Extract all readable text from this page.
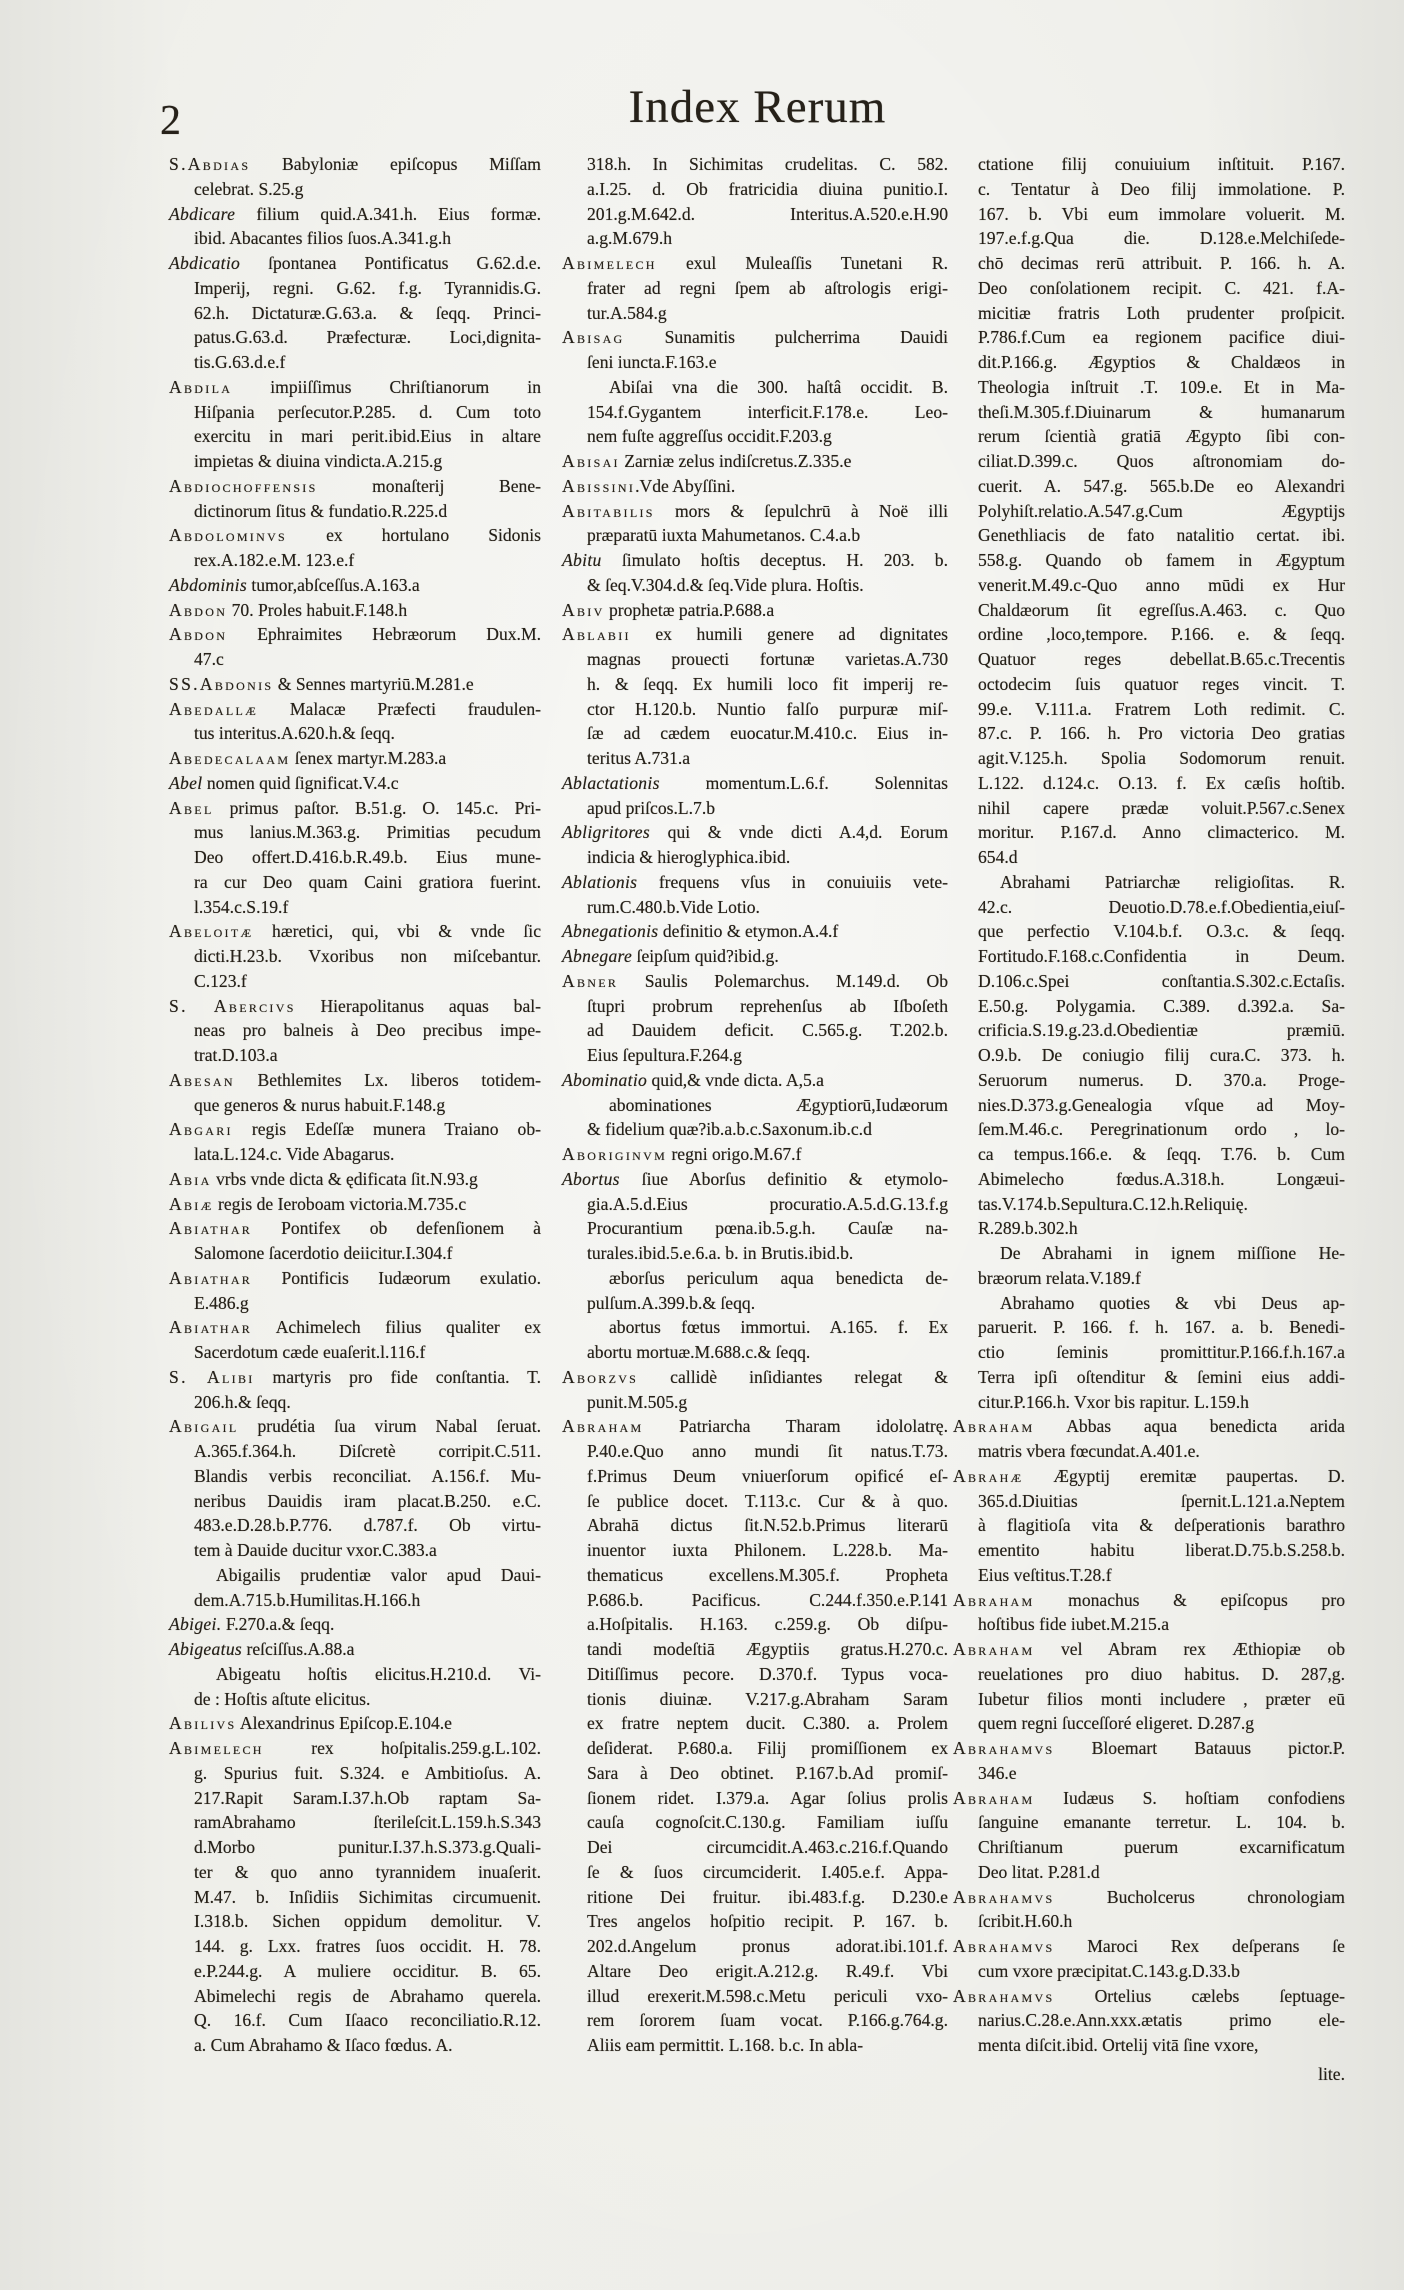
2	Index Rerum
S.Abdias Babyloniæ epiſcopus Miſſam
celebrat. S.25.g
Abdicare filium quid.A.341.h. Eius formæ.
ibid. Abacantes filios ſuos.A.341.g.h
Abdicatio ſpontanea Pontificatus G.62.d.e.
Imperij, regni. G.62. f.g. Tyrannidis.G.
62.h. Dictaturæ.G.63.a. & ſeqq. Princi-
patus.G.63.d. Præfecturæ. Loci,dignita-
tis.G.63.d.e.f
Abdila impiiſſimus Chriſtianorum in
Hiſpania perſecutor.P.285. d. Cum toto
exercitu in mari perit.ibid.Eius in altare
impietas & diuina vindicta.A.215.g
Abdiochoffensis monaſterij Bene-
dictinorum ſitus & fundatio.R.225.d
Abdolominvs ex hortulano Sidonis
rex.A.182.e.M. 123.e.f
Abdominis tumor,abſceſſus.A.163.a
Abdon 70. Proles habuit.F.148.h
Abdon Ephraimites Hebræorum Dux.M.
47.c
SS.Abdonis & Sennes martyriū.M.281.e
Abedallæ Malacæ Præfecti fraudulen-
tus interitus.A.620.h.& ſeqq.
Abedecalaam ſenex martyr.M.283.a
Abel nomen quid ſignificat.V.4.c
Abel primus paſtor. B.51.g. O. 145.c. Pri-
mus lanius.M.363.g. Primitias pecudum
Deo offert.D.416.b.R.49.b. Eius mune-
ra cur Deo quam Caini gratiora fuerint.
l.354.c.S.19.f
Abeloitæ hæretici, qui, vbi & vnde ſic
dicti.H.23.b. Vxoribus non miſcebantur.
C.123.f
S. Abercivs Hierapolitanus aquas bal-
neas pro balneis à Deo precibus impe-
trat.D.103.a
Abesan Bethlemites Lx. liberos totidem-
que generos & nurus habuit.F.148.g
Abgari regis Edeſſæ munera Traiano ob-
lata.L.124.c. Vide Abagarus.
Abia vrbs vnde dicta & ędificata ſit.N.93.g
Abiæ regis de Ieroboam victoria.M.735.c
Abiathar Pontifex ob defenſionem à
Salomone ſacerdotio deiicitur.I.304.f
Abiathar Pontificis Iudæorum exulatio.
E.486.g
Abiathar Achimelech filius qualiter ex
Sacerdotum cæde euaſerit.l.116.f
S. Alibi martyris pro fide conſtantia. T.
206.h.& ſeqq.
Abigail prudétia ſua virum Nabal ſeruat.
A.365.f.364.h. Diſcretè corripit.C.511.
Blandis verbis reconciliat. A.156.f. Mu-
neribus Dauidis iram placat.B.250. e.C.
483.e.D.28.b.P.776. d.787.f. Ob virtu-
tem à Dauide ducitur vxor.C.383.a
Abigailis prudentiæ valor apud Daui-
dem.A.715.b.Humilitas.H.166.h
Abigei. F.270.a.& ſeqq.
Abigeatus reſciſſus.A.88.a
Abigeatu hoſtis elicitus.H.210.d. Vi-
de : Hoſtis aſtute elicitus.
Abilivs Alexandrinus Epiſcop.E.104.e
Abimelech rex hoſpitalis.259.g.L.102.
g. Spurius fuit. S.324. e Ambitioſus. A.
217.Rapit Saram.I.37.h.Ob raptam Sa-
ramAbrahamo ſterileſcit.L.159.h.S.343
d.Morbo punitur.I.37.h.S.373.g.Quali-
ter & quo anno tyrannidem inuaſerit.
M.47. b. Inſidiis Sichimitas circumuenit.
I.318.b. Sichen oppidum demolitur. V.
144. g. Lxx. fratres ſuos occidit. H. 78.
e.P.244.g. A muliere occiditur. B. 65.
Abimelechi regis de Abrahamo querela.
Q. 16.f. Cum Iſaaco reconciliatio.R.12.
a. Cum Abrahamo & Iſaco fœdus. A.
318.h. In Sichimitas crudelitas. C. 582.
a.I.25. d. Ob fratricidia diuina punitio.I.
201.g.M.642.d. Interitus.A.520.e.H.90
a.g.M.679.h
Abimelech exul Muleaſſis Tunetani R.
frater ad regni ſpem ab aſtrologis erigi-
tur.A.584.g
Abisag Sunamitis pulcherrima Dauidi
ſeni iuncta.F.163.e
Abiſai vna die 300. haſtâ occidit. B.
154.f.Gygantem interficit.F.178.e. Leo-
nem fuſte aggreſſus occidit.F.203.g
Abisai Zarniæ zelus indiſcretus.Z.335.e
Abissini.Vde Abyſſini.
Abitabilis mors & ſepulchrū à Noë illi
præparatū iuxta Mahumetanos. C.4.a.b
Abitu ſimulato hoſtis deceptus. H. 203. b.
& ſeq.V.304.d.& ſeq.Vide plura. Hoſtis.
Abiv prophetæ patria.P.688.a
Ablabii ex humili genere ad dignitates
magnas prouecti fortunæ varietas.A.730
h. & ſeqq. Ex humili loco fit imperij re-
ctor H.120.b. Nuntio falſo purpuræ miſ-
ſæ ad cædem euocatur.M.410.c. Eius in-
teritus A.731.a
Ablactationis momentum.L.6.f. Solennitas
apud priſcos.L.7.b
Abligritores qui & vnde dicti A.4,d. Eorum
indicia & hieroglyphica.ibid.
Ablationis frequens vſus in conuiuiis vete-
rum.C.480.b.Vide Lotio.
Abnegationis definitio & etymon.A.4.f
Abnegare ſeipſum quid?ibid.g.
Abner Saulis Polemarchus. M.149.d. Ob
ſtupri probrum reprehenſus ab Iſboſeth
ad Dauidem deficit. C.565.g. T.202.b.
Eius ſepultura.F.264.g
Abominatio quid,& vnde dicta. A,5.a
abominationes Ægyptiorū,Iudæorum
& fidelium quæ?ib.a.b.c.Saxonum.ib.c.d
Aboriginvm regni origo.M.67.f
Abortus ſiue Aborſus definitio & etymolo-
gia.A.5.d.Eius procuratio.A.5.d.G.13.f.g
Procurantium pœna.ib.5.g.h. Cauſæ na-
turales.ibid.5.e.6.a. b. in Brutis.ibid.b.
æborſus periculum aqua benedicta de-
pulſum.A.399.b.& ſeqq.
abortus fœtus immortui. A.165. f. Ex
abortu mortuæ.M.688.c.& ſeqq.
Aborzvs callidè inſidiantes relegat &
punit.M.505.g
Abraham Patriarcha Tharam idololatrę.
P.40.e.Quo anno mundi ſit natus.T.73.
f.Primus Deum vniuerſorum opificé eſ-
ſe publice docet. T.113.c. Cur & à quo.
Abrahā dictus ſit.N.52.b.Primus literarū
inuentor iuxta Philonem. L.228.b. Ma-
thematicus excellens.M.305.f. Propheta
P.686.b. Pacificus. C.244.f.350.e.P.141
a.Hoſpitalis. H.163. c.259.g. Ob diſpu-
tandi modeſtiā Ægyptiis gratus.H.270.c.
Ditiſſimus pecore. D.370.f. Typus voca-
tionis diuinæ. V.217.g.Abraham Saram
ex fratre neptem ducit. C.380. a. Prolem
deſiderat. P.680.a. Filij promiſſionem ex
Sara à Deo obtinet. P.167.b.Ad promiſ-
ſionem ridet. I.379.a. Agar ſolius prolis
cauſa cognoſcit.C.130.g. Familiam iuſſu
Dei circumcidit.A.463.c.216.f.Quando
ſe & ſuos circumciderit. I.405.e.f. Appa-
ritione Dei fruitur. ibi.483.f.g. D.230.e
Tres angelos hoſpitio recipit. P. 167. b.
202.d.Angelum pronus adorat.ibi.101.f.
Altare Deo erigit.A.212.g. R.49.f. Vbi
illud erexerit.M.598.c.Metu periculi vxo-
rem ſororem ſuam vocat. P.166.g.764.g.
Aliis eam permittit. L.168. b.c. In abla-
ctatione filij conuiuium inſtituit. P.167.
c. Tentatur à Deo filij immolatione. P.
167. b. Vbi eum immolare voluerit. M.
197.e.f.g.Qua die. D.128.e.Melchiſede-
chō decimas rerū attribuit. P. 166. h. A.
Deo conſolationem recipit. C. 421. f.A-
micitiæ fratris Loth prudenter proſpicit.
P.786.f.Cum ea regionem pacifice diui-
dit.P.166.g. Ægyptios & Chaldæos in
Theologia inſtruit .T. 109.e. Et in Ma-
theſi.M.305.f.Diuinarum & humanarum
rerum ſcientià gratiā Ægypto ſibi con-
ciliat.D.399.c. Quos aſtronomiam do-
cuerit. A. 547.g. 565.b.De eo Alexandri
Polyhiſt.relatio.A.547.g.Cum Ægyptijs
Genethliacis de fato natalitio certat. ibi.
558.g. Quando ob famem in Ægyptum
venerit.M.49.c-Quo anno mūdi ex Hur
Chaldæorum ſit egreſſus.A.463. c. Quo
ordine ,loco,tempore. P.166. e. & ſeqq.
Quatuor reges debellat.B.65.c.Trecentis
octodecim ſuis quatuor reges vincit. T.
99.e. V.111.a. Fratrem Loth redimit. C.
87.c. P. 166. h. Pro victoria Deo gratias
agit.V.125.h. Spolia Sodomorum renuit.
L.122. d.124.c. O.13. f. Ex cæſis hoſtib.
nihil capere prædæ voluit.P.567.c.Senex
moritur. P.167.d. Anno climacterico. M.
654.d
Abrahami Patriarchæ religioſitas. R.
42.c. Deuotio.D.78.e.f.Obedientia,eiuſ-
que perfectio V.104.b.f. O.3.c. & ſeqq.
Fortitudo.F.168.c.Confidentia in Deum.
D.106.c.Spei conſtantia.S.302.c.Ectaſis.
E.50.g. Polygamia. C.389. d.392.a. Sa-
crificia.S.19.g.23.d.Obedientiæ præmiū.
O.9.b. De coniugio filij cura.C. 373. h.
Seruorum numerus. D. 370.a. Proge-
nies.D.373.g.Genealogia vſque ad Moy-
ſem.M.46.c. Peregrinationum ordo , lo-
ca tempus.166.e. & ſeqq. T.76. b. Cum
Abimelecho fœdus.A.318.h. Longæui-
tas.V.174.b.Sepultura.C.12.h.Reliquię.
R.289.b.302.h
De Abrahami in ignem miſſione He-
bræorum relata.V.189.f
Abrahamo quoties & vbi Deus ap-
paruerit. P. 166. f. h. 167. a. b. Benedi-
ctio ſeminis promittitur.P.166.f.h.167.a
Terra ipſi oſtenditur & ſemini eius addi-
citur.P.166.h. Vxor bis rapitur. L.159.h
Abraham Abbas aqua benedicta arida
matris vbera fœcundat.A.401.e.
Abrahæ Ægyptij eremitæ paupertas. D.
365.d.Diuitias ſpernit.L.121.a.Neptem
à flagitioſa vita & deſperationis barathro
ementito habitu liberat.D.75.b.S.258.b.
Eius veſtitus.T.28.f
Abraham monachus & epiſcopus pro
hoſtibus fide iubet.M.215.a
Abraham vel Abram rex Æthiopiæ ob
reuelationes pro diuo habitus. D. 287,g.
Iubetur filios monti includere , præter eū
quem regni ſucceſſoré eligeret. D.287.g
Abrahamvs Bloemart Batauus pictor.P.
346.e
Abraham Iudæus S. hoſtiam confodiens
ſanguine emanante terretur. L. 104. b.
Chriſtianum puerum excarnificatum
Deo litat. P.281.d
Abrahamvs Bucholcerus chronologiam
ſcribit.H.60.h
Abrahamvs Maroci Rex deſperans ſe
cum vxore præcipitat.C.143.g.D.33.b
Abrahamvs Ortelius cælebs ſeptuage-
narius.C.28.e.Ann.xxx.ætatis primo ele-
menta diſcit.ibid. Ortelij vitā ſine vxore,
lite.
